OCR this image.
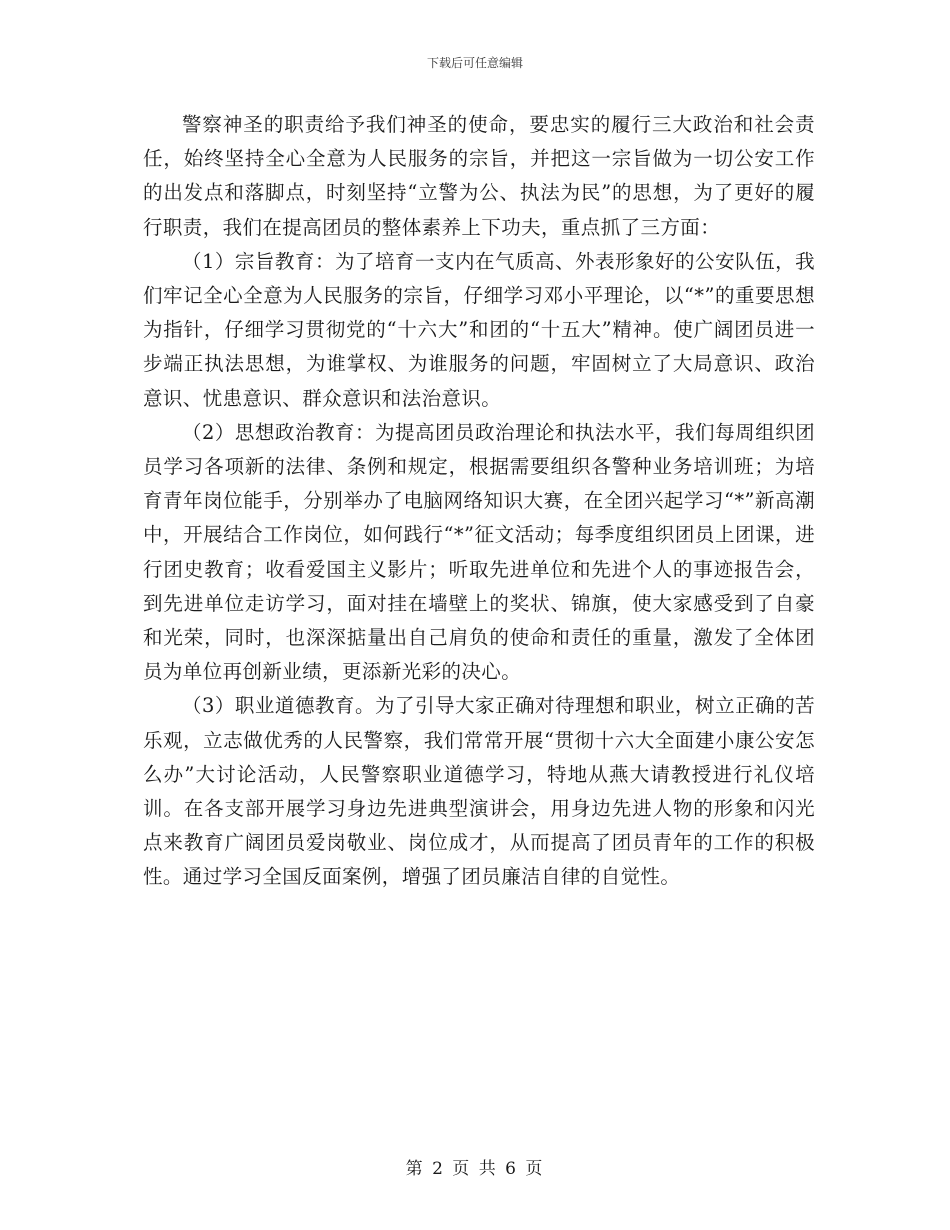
下载后可任意编辑

警察神圣的职责给予我们神圣的使命，要忠实的履行三大政治和社会责任，始终坚持全心全意为人民服务的宗旨，并把这一宗旨做为一切公安工作的出发点和落脚点，时刻坚持“立警为公、执法为民”的思想，为了更好的履行职责，我们在提高团员的整体素养上下功夫，重点抓了三方面：

（1）宗旨教育：为了培育一支内在气质高、外表形象好的公安队伍，我们牢记全心全意为人民服务的宗旨，仔细学习邓小平理论，以“*”的重要思想为指针，仔细学习贯彻党的“十六大”和团的“十五大”精神。使广阔团员进一步端正执法思想，为谁掌权、为谁服务的问题，牢固树立了大局意识、政治意识、忧患意识、群众意识和法治意识。

（2）思想政治教育：为提高团员政治理论和执法水平，我们每周组织团员学习各项新的法律、条例和规定，根据需要组织各警种业务培训班；为培育青年岗位能手，分别举办了电脑网络知识大赛，在全团兴起学习“*”新高潮中，开展结合工作岗位，如何践行“*”征文活动；每季度组织团员上团课，进行团史教育；收看爱国主义影片；听取先进单位和先进个人的事迹报告会，到先进单位走访学习，面对挂在墙壁上的奖状、锦旗，使大家感受到了自豪和光荣，同时，也深深掂量出自己肩负的使命和责任的重量，激发了全体团员为单位再创新业绩，更添新光彩的决心。

（3）职业道德教育。为了引导大家正确对待理想和职业，树立正确的苦乐观，立志做优秀的人民警察，我们常常开展“贯彻十六大全面建小康公安怎么办”大讨论活动，人民警察职业道德学习，特地从燕大请教授进行礼仪培训。在各支部开展学习身边先进典型演讲会，用身边先进人物的形象和闪光点来教育广阔团员爱岗敬业、岗位成才，从而提高了团员青年的工作的积极性。通过学习全国反面案例，增强了团员廉洁自律的自觉性。

第 2 页 共 6 页
